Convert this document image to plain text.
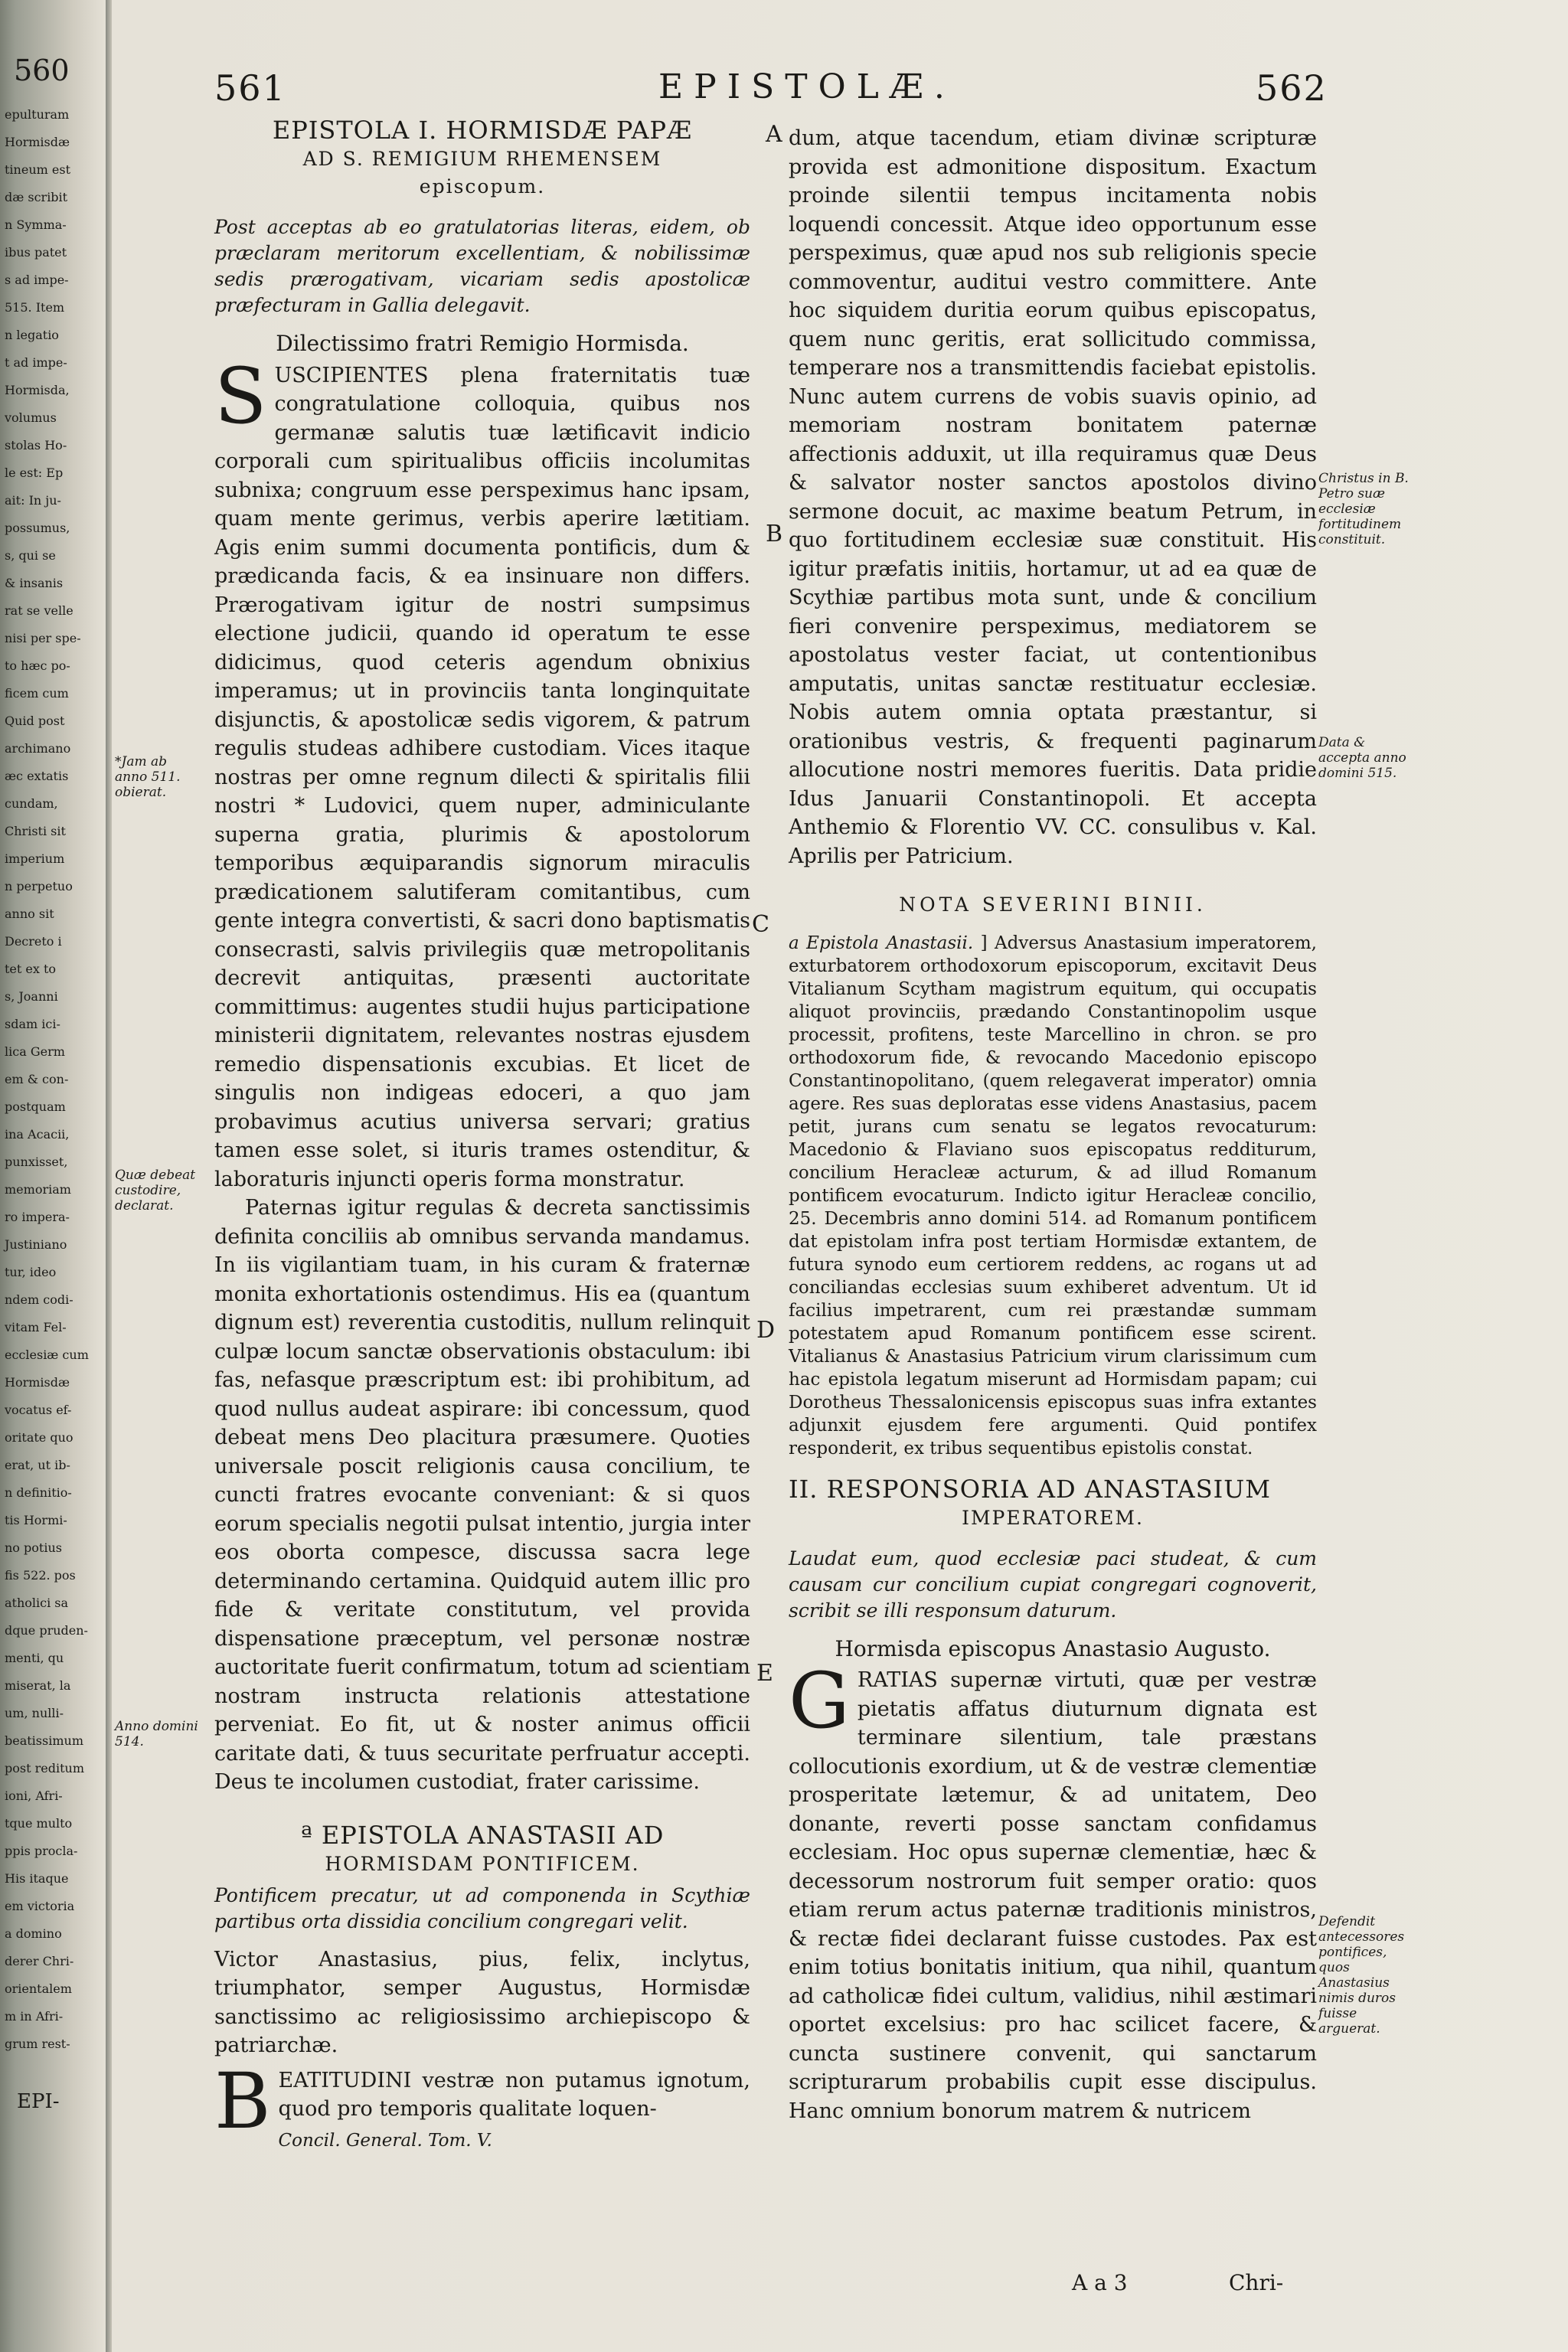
560
epulturam
Hormisdæ
tineum est
dæ scribit
n Symma-
ibus patet
s ad impe-
515. Item
n legatio
t ad impe-
Hormisda,
volumus
stolas Ho-
le est: Ep
ait: In ju-
possumus,
s, qui se
& insanis
rat se velle
nisi per spe-
to hæc po-
ficem cum
Quid post
archimano
æc extatis
cundam,
Christi sit
imperium
n perpetuo
anno sit
Decreto i
tet ex to
s, Joanni
sdam ici-
lica Germ
em & con-
postquam
ina Acacii,
punxisset,
memoriam
ro impera-
Justiniano
tur, ideo
ndem codi-
vitam Fel-
ecclesiæ cum
Hormisdæ
vocatus ef-
oritate quo
erat, ut ib-
n definitio-
tis Hormi-
no potius
fis 522. pos
atholici sa
dque pruden-
menti, qu
miserat, la
um, nulli-
beatissimum
post reditum
ioni, Afri-
tque multo
ppis procla-
His itaque
em victoria
a domino
derer Chri-
orientalem
m in Afri-
grum rest-
EPI-
561	EPISTOLÆ.	562
EPISTOLA I. HORMISDÆ PAPÆ
AD S. REMIGIUM RHEMENSEM
episcopum.
Post acceptas ab eo gratulatorias literas, eidem, ob præclaram meritorum excellentiam, & nobilissimæ sedis prærogativam, vicariam sedis apostolicæ præfecturam in Gallia delegavit.
Dilectissimo fratri Remigio Hormisda.

SUSCIPIENTES plena fraternitatis tuæ congratulatione colloquia, quibus nos germanæ salutis tuæ lætificavit indicio corporali cum spiritualibus officiis incolumitas subnixa; congruum esse perspeximus hanc ipsam, quam mente gerimus, verbis aperire lætitiam. Agis enim summi documenta pontificis, dum & prædicanda facis, & ea insinuare non differs. Prærogativam igitur de nostri sumpsimus electione judicii, quando id operatum te esse didicimus, quod ceteris agendum obnixius imperamus; ut in provinciis tanta longinquitate disjunctis, & apostolicæ sedis vigorem, & patrum regulis studeas adhibere custodiam. Vices itaque nostras per omne regnum dilecti & spiritalis filii nostri * Ludovici, quem nuper, adminiculante superna gratia, plurimis & apostolorum temporibus æquiparandis signorum miraculis prædicationem salutiferam comitantibus, cum gente integra convertisti, & sacri dono baptismatis consecrasti, salvis privilegiis quæ metropolitanis decrevit antiquitas, præsenti auctoritate committimus: augentes studii hujus participatione ministerii dignitatem, relevantes nostras ejusdem remedio dispensationis excubias. Et licet de singulis non indigeas edoceri, a quo jam probavimus acutius universa servari; gratius tamen esse solet, si ituris trames ostenditur, & laboraturis injuncti operis forma monstratur.

Paternas igitur regulas & decreta sanctissimis definita conciliis ab omnibus servanda mandamus. In iis vigilantiam tuam, in his curam & fraternæ monita exhortationis ostendimus. His ea (quantum dignum est) reverentia custoditis, nullum relinquit culpæ locum sanctæ observationis obstaculum: ibi fas, nefasque præscriptum est: ibi prohibitum, ad quod nullus audeat aspirare: ibi concessum, quod debeat mens Deo placitura præsumere. Quoties universale poscit religionis causa concilium, te cuncti fratres evocante conveniant: & si quos eorum specialis negotii pulsat intentio, jurgia inter eos oborta compesce, discussa sacra lege determinando certamina. Quidquid autem illic pro fide & veritate constitutum, vel provida dispensatione præceptum, vel personæ nostræ auctoritate fuerit confirmatum, totum ad scientiam nostram instructa relationis attestatione perveniat. Eo fit, ut & noster animus officii caritate dati, & tuus securitate perfruatur accepti. Deus te incolumen custodiat, frater carissime.

ª EPISTOLA ANASTASII AD
HORMISDAM PONTIFICEM.
Pontificem precatur, ut ad componenda in Scythiæ partibus orta dissidia concilium congregari velit.
Victor Anastasius, pius, felix, inclytus, triumphator, semper Augustus, Hormisdæ sanctissimo ac religiosissimo archiepiscopo & patriarchæ.

BEATITUDINI vestræ non putamus ignotum, quod pro temporis qualitate loquen-

Concil. General. Tom. V.

dum, atque tacendum, etiam divinæ scripturæ provida est admonitione dispositum. Exactum proinde silentii tempus incitamenta nobis loquendi concessit. Atque ideo opportunum esse perspeximus, quæ apud nos sub religionis specie commoventur, auditui vestro committere. Ante hoc siquidem duritia eorum quibus episcopatus, quem nunc geritis, erat sollicitudo commissa, temperare nos a transmittendis faciebat epistolis. Nunc autem currens de vobis suavis opinio, ad memoriam nostram bonitatem paternæ affectionis adduxit, ut illa requiramus quæ Deus & salvator noster sanctos apostolos divino sermone docuit, ac maxime beatum Petrum, in quo fortitudinem ecclesiæ suæ constituit. His igitur præfatis initiis, hortamur, ut ad ea quæ de Scythiæ partibus mota sunt, unde & concilium fieri convenire perspeximus, mediatorem se apostolatus vester faciat, ut contentionibus amputatis, unitas sanctæ restituatur ecclesiæ. Nobis autem omnia optata præstantur, si orationibus vestris, & frequenti paginarum allocutione nostri memores fueritis. Data pridie Idus Januarii Constantinopoli. Et accepta Anthemio & Florentio VV. CC. consulibus v. Kal. Aprilis per Patricium.

NOTA SEVERINI BINII.
a Epistola Anastasii. ] Adversus Anastasium imperatorem, exturbatorem orthodoxorum episcoporum, excitavit Deus Vitalianum Scytham magistrum equitum, qui occupatis aliquot provinciis, prædando Constantinopolim usque processit, profitens, teste Marcellino in chron. se pro orthodoxorum fide, & revocando Macedonio episcopo Constantinopolitano, (quem relegaverat imperator) omnia agere. Res suas deploratas esse videns Anastasius, pacem petit, jurans cum senatu se legatos revocaturum: Macedonio & Flaviano suos episcopatus redditurum, concilium Heracleæ acturum, & ad illud Romanum pontificem evocaturum. Indicto igitur Heracleæ concilio, 25. Decembris anno domini 514. ad Romanum pontificem dat epistolam infra post tertiam Hormisdæ extantem, de futura synodo eum certiorem reddens, ac rogans ut ad conciliandas ecclesias suum exhiberet adventum. Ut id facilius impetrarent, cum rei præstandæ summam potestatem apud Romanum pontificem esse scirent. Vitalianus & Anastasius Patricium virum clarissimum cum hac epistola legatum miserunt ad Hormisdam papam; cui Dorotheus Thessalonicensis episcopus suas infra extantes adjunxit ejusdem fere argumenti. Quid pontifex responderit, ex tribus sequentibus epistolis constat.
II. RESPONSORIA AD ANASTASIUM
IMPERATOREM.
Laudat eum, quod ecclesiæ paci studeat, & cum causam cur concilium cupiat congregari cognoverit, scribit se illi responsum daturum.
Hormisda episcopus Anastasio Augusto.

GRATIAS supernæ virtuti, quæ per vestræ pietatis affatus diuturnum dignata est terminare silentium, tale præstans collocutionis exordium, ut & de vestræ clementiæ prosperitate lætemur, & ad unitatem, Deo donante, reverti posse sanctam confidamus ecclesiam. Hoc opus supernæ clementiæ, hæc & decessorum nostrorum fuit semper oratio: quos etiam rerum actus paternæ traditionis ministros, & rectæ fidei declarant fuisse custodes. Pax est enim totius bonitatis initium, qua nihil, quantum ad catholicæ fidei cultum, validius, nihil æstimari oportet excelsius: pro hac scilicet facere, & cuncta sustinere convenit, qui sanctarum scripturarum probabilis cupit esse discipulus. Hanc omnium bonorum matrem & nutricem

A
B
C
D
E
*Jam ab anno 511. obierat.
Quæ debeat custodire, declarat.
Anno domini 514.
Christus in B. Petro suæ ecclesiæ fortitudinem constituit.
Data & accepta anno domini 515.
Defendit antecessores pontifices, quos Anastasius nimis duros fuisse arguerat.
A a 3	Chri-
